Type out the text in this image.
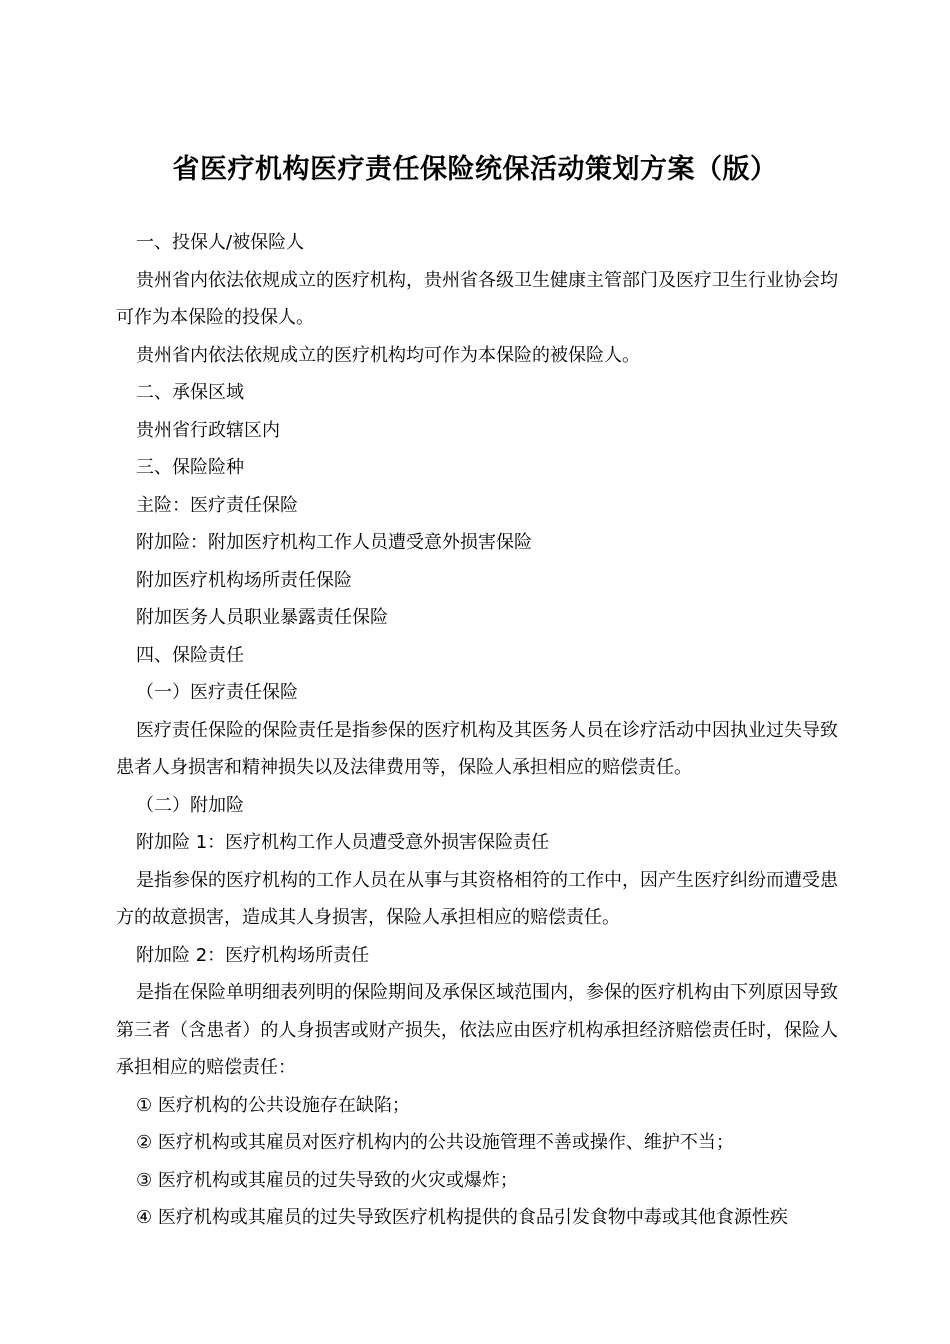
省医疗机构医疗责任保险统保活动策划方案（版）

一、投保人/被保险人

贵州省内依法依规成立的医疗机构，贵州省各级卫生健康主管部门及医疗卫生行业协会均可作为本保险的投保人。

贵州省内依法依规成立的医疗机构均可作为本保险的被保险人。

二、承保区域

贵州省行政辖区内

三、保险险种

主险：医疗责任保险

附加险：附加医疗机构工作人员遭受意外损害保险

附加医疗机构场所责任保险

附加医务人员职业暴露责任保险

四、保险责任

（一）医疗责任保险

医疗责任保险的保险责任是指参保的医疗机构及其医务人员在诊疗活动中因执业过失导致患者人身损害和精神损失以及法律费用等，保险人承担相应的赔偿责任。

（二）附加险

附加险 1：医疗机构工作人员遭受意外损害保险责任

是指参保的医疗机构的工作人员在从事与其资格相符的工作中，因产生医疗纠纷而遭受患方的故意损害，造成其人身损害，保险人承担相应的赔偿责任。

附加险 2：医疗机构场所责任

是指在保险单明细表列明的保险期间及承保区域范围内，参保的医疗机构由下列原因导致第三者（含患者）的人身损害或财产损失，依法应由医疗机构承担经济赔偿责任时，保险人承担相应的赔偿责任：

① 医疗机构的公共设施存在缺陷；

② 医疗机构或其雇员对医疗机构内的公共设施管理不善或操作、维护不当；

③ 医疗机构或其雇员的过失导致的火灾或爆炸；

④ 医疗机构或其雇员的过失导致医疗机构提供的食品引发食物中毒或其他食源性疾
